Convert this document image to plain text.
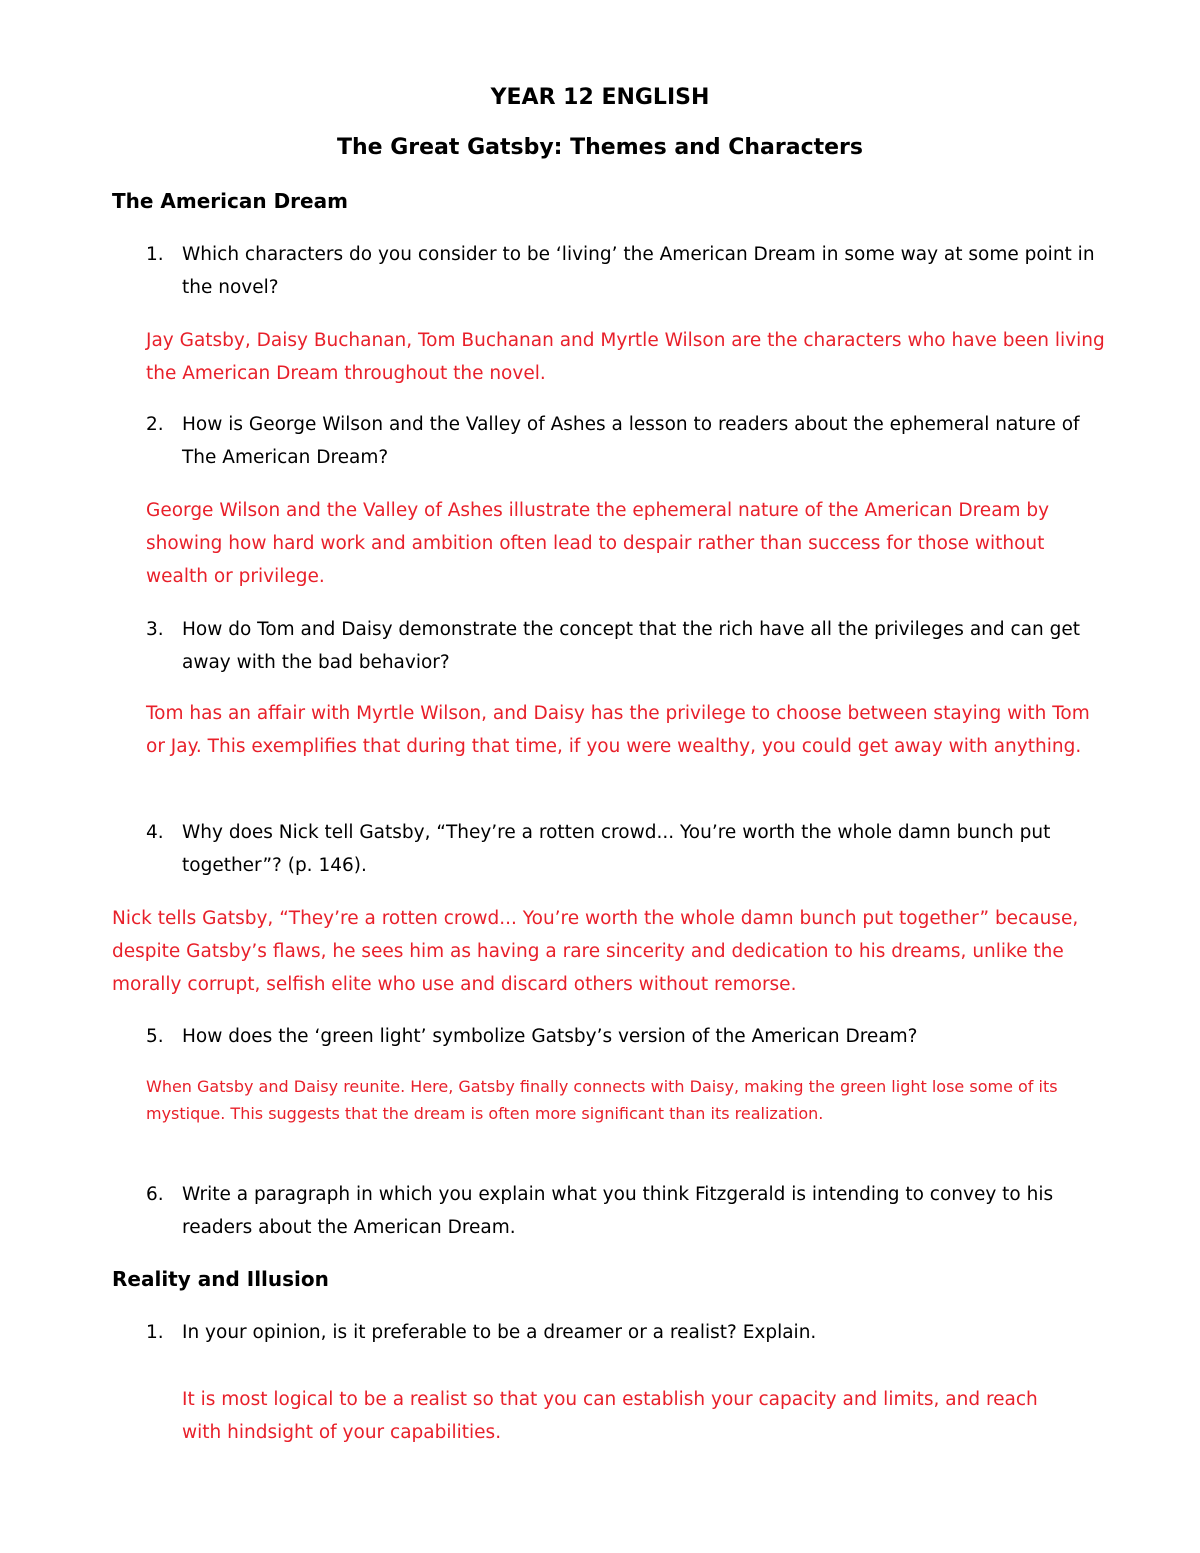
YEAR 12 ENGLISH
The Great Gatsby: Themes and Characters
The American Dream
1. Which characters do you consider to be ‘living’ the American Dream in some way at some point in the novel?
Jay Gatsby, Daisy Buchanan, Tom Buchanan and Myrtle Wilson are the characters who have been living the American Dream throughout the novel.
2. How is George Wilson and the Valley of Ashes a lesson to readers about the ephemeral nature of The American Dream?
George Wilson and the Valley of Ashes illustrate the ephemeral nature of the American Dream by showing how hard work and ambition often lead to despair rather than success for those without wealth or privilege.
3. How do Tom and Daisy demonstrate the concept that the rich have all the privileges and can get away with the bad behavior?
Tom has an affair with Myrtle Wilson, and Daisy has the privilege to choose between staying with Tom or Jay. This exemplifies that during that time, if you were wealthy, you could get away with anything.
4. Why does Nick tell Gatsby, “They’re a rotten crowd... You’re worth the whole damn bunch put together”? (p. 146).
Nick tells Gatsby, “They’re a rotten crowd... You’re worth the whole damn bunch put together” because, despite Gatsby’s flaws, he sees him as having a rare sincerity and dedication to his dreams, unlike the morally corrupt, selfish elite who use and discard others without remorse.
5. How does the ‘green light’ symbolize Gatsby’s version of the American Dream?
When Gatsby and Daisy reunite. Here, Gatsby finally connects with Daisy, making the green light lose some of its mystique. This suggests that the dream is often more significant than its realization.
6. Write a paragraph in which you explain what you think Fitzgerald is intending to convey to his readers about the American Dream.
Reality and Illusion
1. In your opinion, is it preferable to be a dreamer or a realist? Explain.
It is most logical to be a realist so that you can establish your capacity and limits, and reach with hindsight of your capabilities.
